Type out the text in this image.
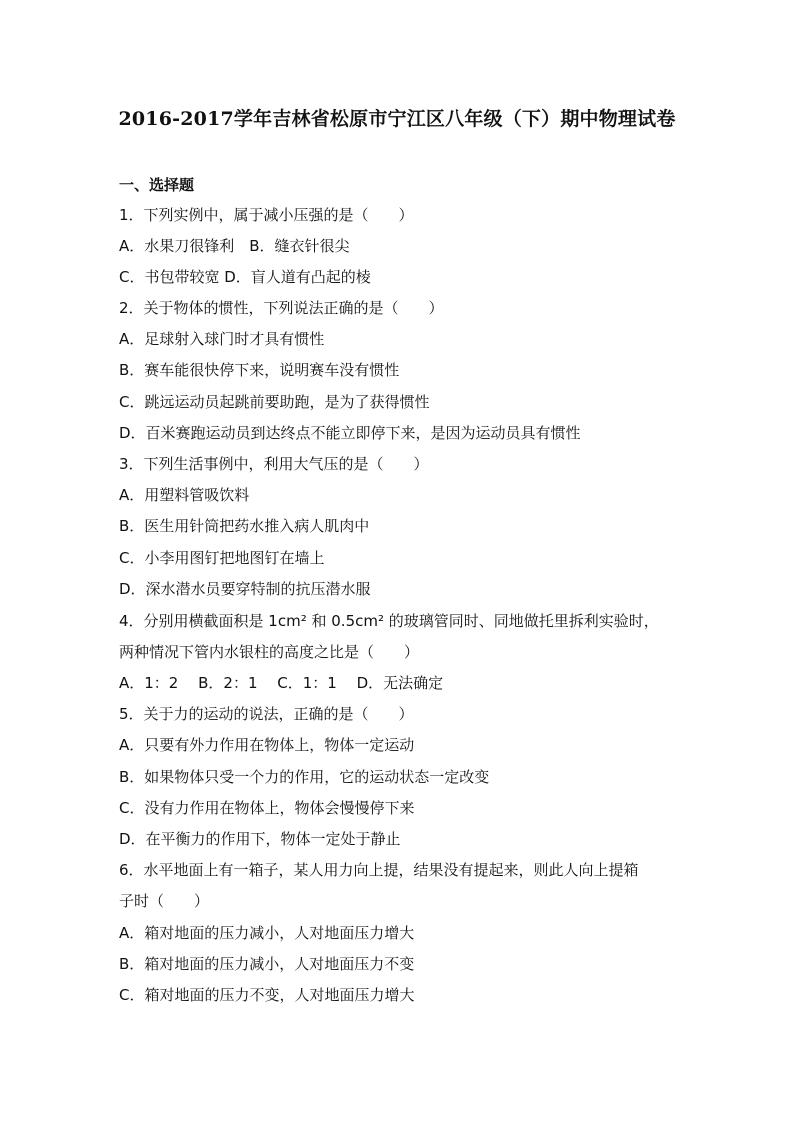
2016-2017学年吉林省松原市宁江区八年级（下）期中物理试卷
一、选择题
1．下列实例中，属于减小压强的是（　　）
A．水果刀很锋利　B．缝衣针很尖
C．书包带较宽 D．盲人道有凸起的棱
2．关于物体的惯性，下列说法正确的是（　　）
A．足球射入球门时才具有惯性
B．赛车能很快停下来，说明赛车没有惯性
C．跳远运动员起跳前要助跑，是为了获得惯性
D．百米赛跑运动员到达终点不能立即停下来，是因为运动员具有惯性
3．下列生活事例中，利用大气压的是（　　）
A．用塑料管吸饮料
B．医生用针筒把药水推入病人肌肉中
C．小李用图钉把地图钉在墙上
D．深水潜水员要穿特制的抗压潜水服
4．分别用横截面积是 1cm² 和 0.5cm² 的玻璃管同时、同地做托里拆利实验时，
两种情况下管内水银柱的高度之比是（　　）
A．1：2　 B．2：1　 C．1：1　 D．无法确定
5．关于力的运动的说法，正确的是（　　）
A．只要有外力作用在物体上，物体一定运动
B．如果物体只受一个力的作用，它的运动状态一定改变
C．没有力作用在物体上，物体会慢慢停下来
D．在平衡力的作用下，物体一定处于静止
6．水平地面上有一箱子，某人用力向上提，结果没有提起来，则此人向上提箱
子时（　　）
A．箱对地面的压力减小，人对地面压力增大
B．箱对地面的压力减小，人对地面压力不变
C．箱对地面的压力不变，人对地面压力增大
